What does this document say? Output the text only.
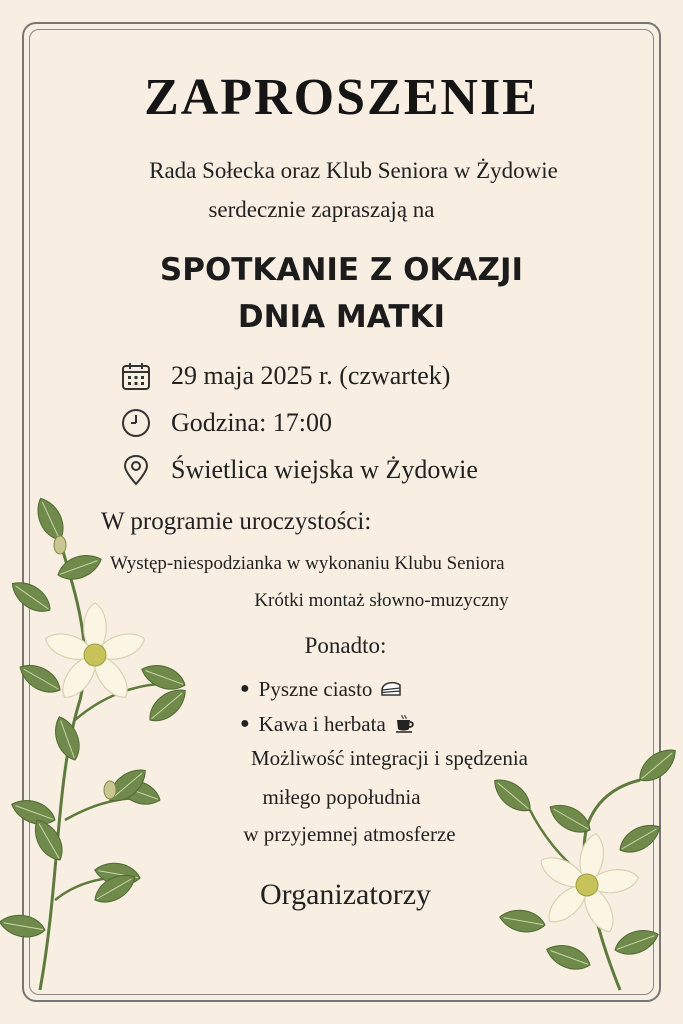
ZAPROSZENIE
Rada Sołecka oraz Klub Seniora w Żydowie
serdecznie zapraszają na
SPOTKANIE Z OKAZJI
DNIA MATKI
29 maja 2025 r. (czwartek)
Godzina: 17:00
Świetlica wiejska w Żydowie
W programie uroczystości:
Występ-niespodzianka w wykonaniu Klubu Seniora
Krótki montaż słowno-muzyczny
Ponadto:
● Pyszne ciasto
● Kawa i herbata
Możliwość integracji i spędzenia
miłego popołudnia
w przyjemnej atmosferze
Organizatorzy
